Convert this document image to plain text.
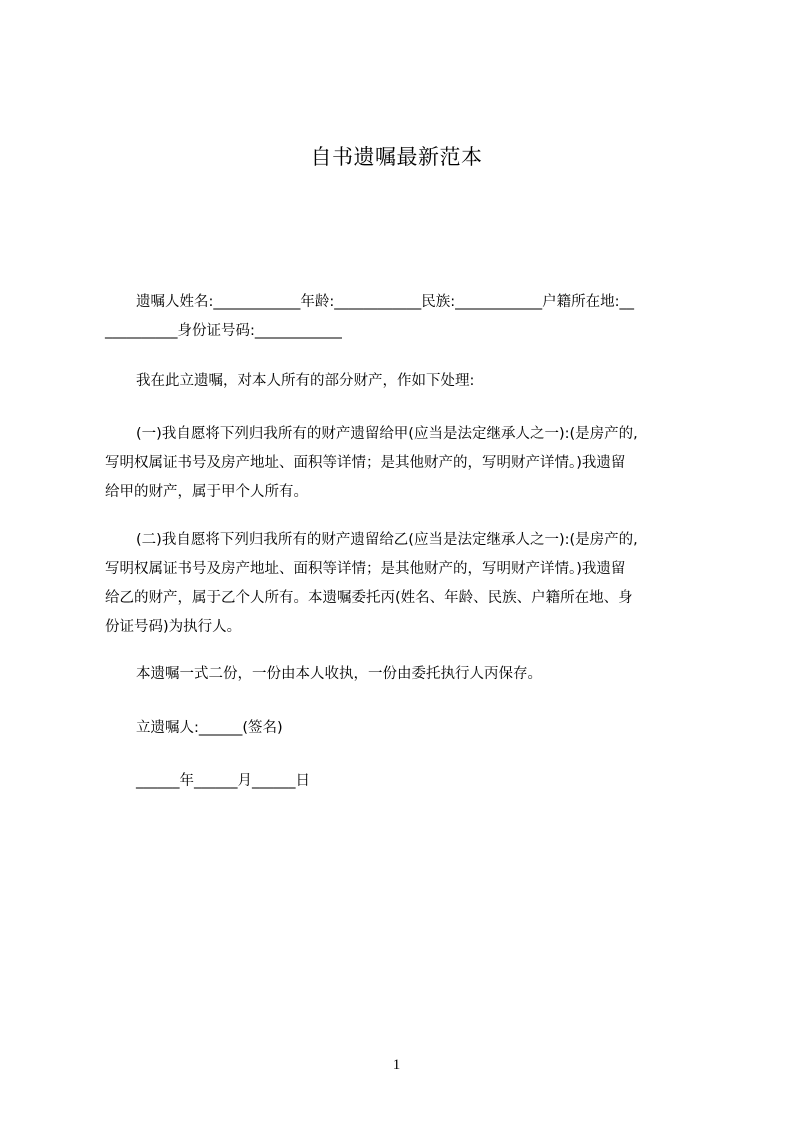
自书遗嘱最新范本
遗嘱人姓名:____________年龄:____________民族:____________户籍所在地:__
__________身份证号码:____________
我在此立遗嘱，对本人所有的部分财产，作如下处理:
(一)我自愿将下列归我所有的财产遗留给甲(应当是法定继承人之一):(是房产的,
写明权属证书号及房产地址、面积等详情；是其他财产的，写明财产详情。)我遗留
给甲的财产，属于甲个人所有。
(二)我自愿将下列归我所有的财产遗留给乙(应当是法定继承人之一):(是房产的,
写明权属证书号及房产地址、面积等详情；是其他财产的，写明财产详情。)我遗留
给乙的财产，属于乙个人所有。本遗嘱委托丙(姓名、年龄、民族、户籍所在地、身
份证号码)为执行人。
本遗嘱一式二份，一份由本人收执，一份由委托执行人丙保存。
立遗嘱人:______(签名)
______年______月______日
1
